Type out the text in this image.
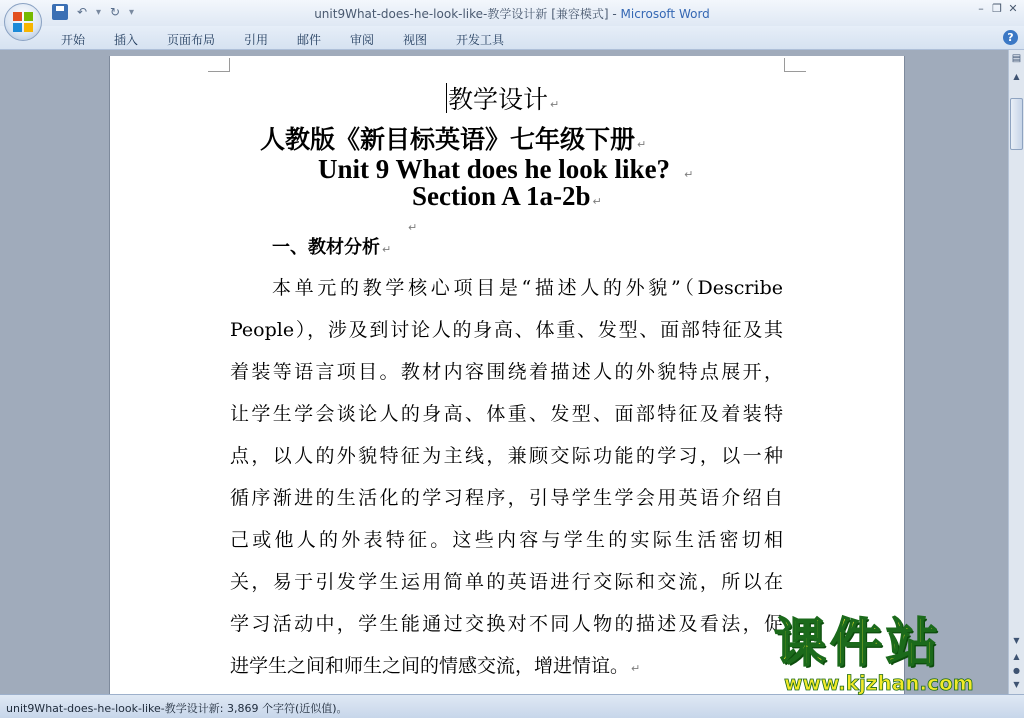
↶ ▾ ↻ ▾	unit9What-does-he-look-like-教学设计新 [兼容模式] - Microsoft Word	– ❐ ✕
开始 插入 页面布局 引用 邮件 审阅 视图 开发工具	?
教学设计 ↵
人教版《新目标英语》七年级下册 ↵
Unit 9 What does he look like? ↵
Section A 1a-2b ↵
↵
一、教材分析 ↵
本单元的教学核心项目是“描述人的外貌”（Describe
People），涉及到讨论人的身高、体重、发型、面部特征及其
着装等语言项目。教材内容围绕着描述人的外貌特点展开，
让学生学会谈论人的身高、体重、发型、面部特征及着装特
点，以人的外貌特征为主线，兼顾交际功能的学习，以一种
循序渐进的生活化的学习程序，引导学生学会用英语介绍自
己或他人的外表特征。这些内容与学生的实际生活密切相
关，易于引发学生运用简单的英语进行交际和交流，所以在
学习活动中，学生能通过交换对不同人物的描述及看法，促
进学生之间和师生之间的情感交流，增进情谊。 ↵
▤
▲
▼
▲
●
▼
unit9What-does-he-look-like-教学设计新: 3,869 个字符(近似值)。
课件站
www.kjzhan.com
